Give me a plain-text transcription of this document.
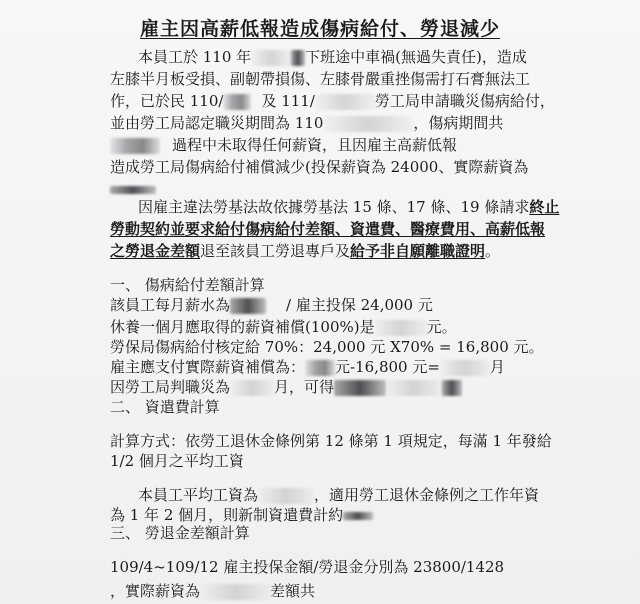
雇主因高薪低報造成傷病給付、勞退減少
本員工於 110 年	下班途中車禍(無過失責任)，造成
左膝半月板受損、副韌帶損傷、左膝骨嚴重挫傷需打石膏無法工
作，已於民 110/	及 111/	勞工局申請職災傷病給付，
並由勞工局認定職災期間為 110	，傷病期間共
過程中未取得任何薪資，且因雇主高薪低報
造成勞工局傷病給付補償減少(投保薪資為 24000、實際薪資為
因雇主違法勞基法故依據勞基法 15 條、17 條、19 條請求終止
勞動契約並要求給付傷病給付差額、資遣費、醫療費用、高薪低報
之勞退金差額退至該員工勞退專戶及給予非自願離職證明。
一、 傷病給付差額計算
該員工每月薪水為	/ 雇主投保 24,000 元
休養一個月應取得的薪資補償(100%)是	元。
勞保局傷病給付核定給 70%：24,000 元 X70% = 16,800 元。
雇主應支付實際薪資補償為： 元-16,800 元=	月
因勞工局判職災為	月，可得
二、 資遣費計算
計算方式：依勞工退休金條例第 12 條第 1 項規定，每滿 1 年發給
1/2 個月之平均工資
本員工平均工資為	，適用勞工退休金條例之工作年資
為 1 年 2 個月，則新制資遣費計約
三、 勞退金差額計算
109/4~109/12 雇主投保金額/勞退金分別為 23800/1428
，實際薪資為	差額共
